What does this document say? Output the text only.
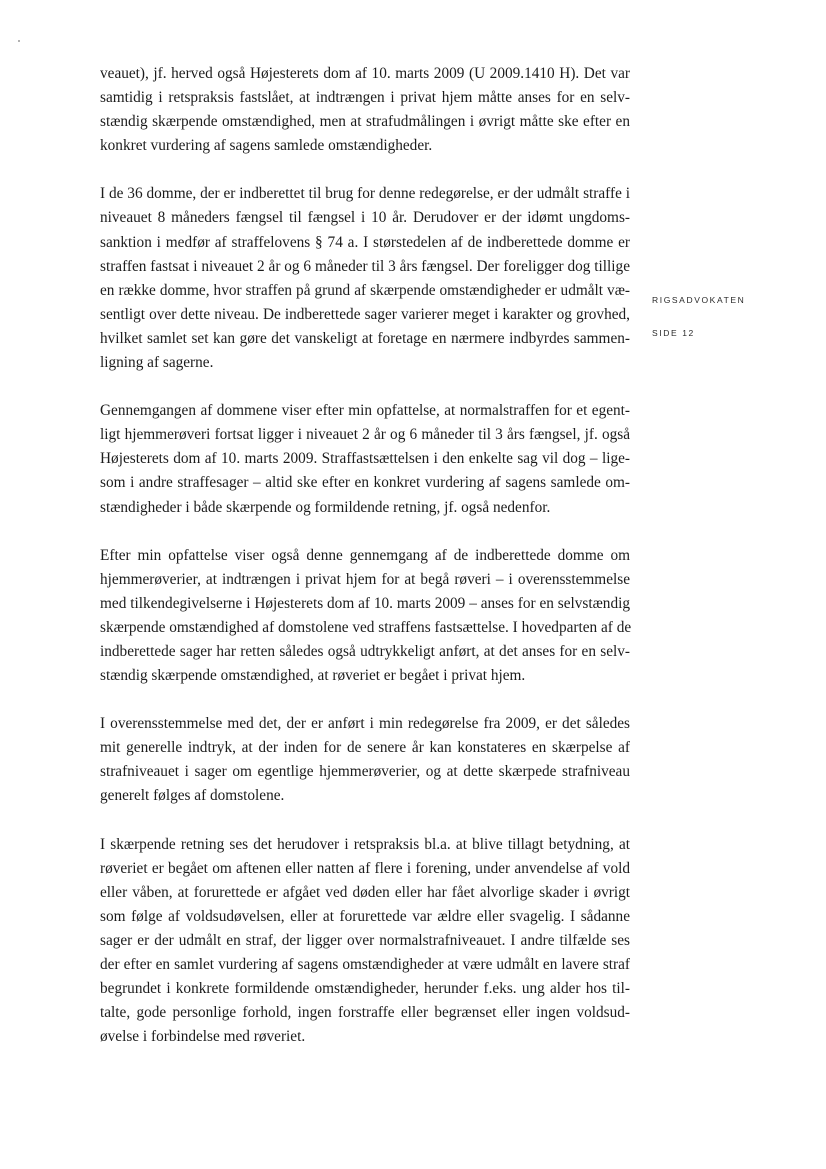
veauet), jf. herved også Højesterets dom af 10. marts 2009 (U 2009.1410 H). Det var
samtidig i retspraksis fastslået, at indtrængen i privat hjem måtte anses for en selv-
stændig skærpende omstændighed, men at strafudmålingen i øvrigt måtte ske efter en
konkret vurdering af sagens samlede omstændigheder.

I de 36 domme, der er indberettet til brug for denne redegørelse, er der udmålt straffe i
niveauet 8 måneders fængsel til fængsel i 10 år. Derudover er der idømt ungdoms-
sanktion i medfør af straffelovens § 74 a. I størstedelen af de indberettede domme er
straffen fastsat i niveauet 2 år og 6 måneder til 3 års fængsel. Der foreligger dog tillige
en række domme, hvor straffen på grund af skærpende omstændigheder er udmålt væ-
sentligt over dette niveau. De indberettede sager varierer meget i karakter og grovhed,
hvilket samlet set kan gøre det vanskeligt at foretage en nærmere indbyrdes sammen-
ligning af sagerne.

Gennemgangen af dommene viser efter min opfattelse, at normalstraffen for et egent-
ligt hjemmerøveri fortsat ligger i niveauet 2 år og 6 måneder til 3 års fængsel, jf. også
Højesterets dom af 10. marts 2009. Straffastsættelsen i den enkelte sag vil dog – lige-
som i andre straffesager – altid ske efter en konkret vurdering af sagens samlede om-
stændigheder i både skærpende og formildende retning, jf. også nedenfor.

Efter min opfattelse viser også denne gennemgang af de indberettede domme om
hjemmerøverier, at indtrængen i privat hjem for at begå røveri – i overensstemmelse
med tilkendegivelserne i Højesterets dom af 10. marts 2009 – anses for en selvstændig
skærpende omstændighed af domstolene ved straffens fastsættelse. I hovedparten af de
indberettede sager har retten således også udtrykkeligt anført, at det anses for en selv-
stændig skærpende omstændighed, at røveriet er begået i privat hjem.

I overensstemmelse med det, der er anført i min redegørelse fra 2009, er det således
mit generelle indtryk, at der inden for de senere år kan konstateres en skærpelse af
strafniveauet i sager om egentlige hjemmerøverier, og at dette skærpede strafniveau
generelt følges af domstolene.

I skærpende retning ses det herudover i retspraksis bl.a. at blive tillagt betydning, at
røveriet er begået om aftenen eller natten af flere i forening, under anvendelse af vold
eller våben, at forurettede er afgået ved døden eller har fået alvorlige skader i øvrigt
som følge af voldsudøvelsen, eller at forurettede var ældre eller svagelig. I sådanne
sager er der udmålt en straf, der ligger over normalstrafniveauet. I andre tilfælde ses
der efter en samlet vurdering af sagens omstændigheder at være udmålt en lavere straf
begrundet i konkrete formildende omstændigheder, herunder f.eks. ung alder hos til-
talte, gode personlige forhold, ingen forstraffe eller begrænset eller ingen voldsud-
øvelse i forbindelse med røveriet.

RIGSADVOKATEN
SIDE 12
